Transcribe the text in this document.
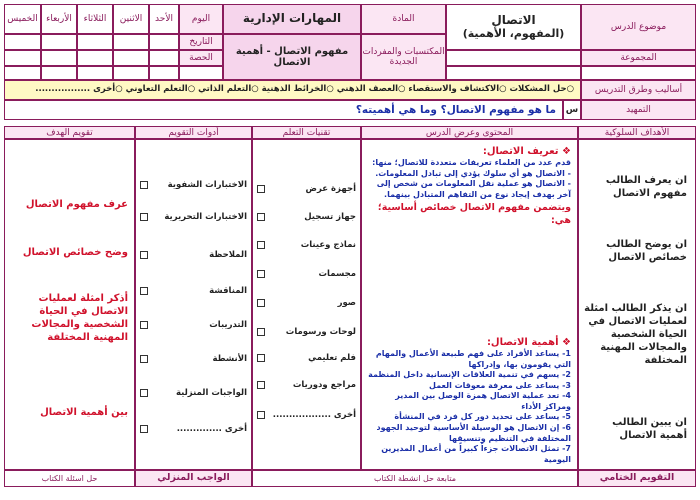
موضوع الدرس
الاتصال
(المفهوم، الأهمية)
المادة
المهارات الإدارية
اليوم
الأحد
الاثنين
الثلاثاء
الأربعاء
الخميس
المكتسبات والمفردات الجديدة
مفهوم الاتصال - أهمية الاتصال
التاريخ
المجموعة
الحصة
أساليب وطرق التدريس
○حل المشكلات ○الاكتشاف والاستقصاء ○العصف الذهني ○الخرائط الذهنية ○التعلم الذاتي ○التعلم التعاوني ○أخرى .................
التمهيد
س
ما هو مفهوم الاتصال؟ وما هي أهميته؟
الأهداف السلوكية
المحتوى وعرض الدرس
تقنيات التعلم
أدوات التقويم
تقويم الهدف
ان يعرف الطالب مفهوم الاتصال
ان يوضح الطالب خصائص الاتصال
ان يذكر الطالب امثلة لعمليات الاتصال في الحياة الشخصية والمجالات المهنية المختلفة
ان يبين الطالب أهمية الاتصال
❖ تعريف الاتصال:
قدم عدد من العلماء تعريفات متعددة للاتصال؛ منها:
- الاتصال هو أي سلوك يؤدي إلى تبادل المعلومات.
- الاتصال هو عملية نقل المعلومات من شخص إلى آخر بهدف إيجاد نوع من التفاهم المتبادل بينهما.
ويتضمن مفهوم الاتصال خصائص أساسية؛ هي:
❖ أهمية الاتصال:
1- يساعد الأفراد على فهم طبيعة الأعمال والمهام التي يقومون بها، وإدراكها
2- يسهم في تنمية العلاقات الإنسانية داخل المنظمة
3- يساعد على معرفة معوقات العمل
4- تعد عملية الاتصال همزة الوصل بين المدير ومراكز الأداء
5- يساعد على تحديد دور كل فرد في المنشأة
6- إن الاتصال هو الوسيلة الأساسية لتوحيد الجهود المختلفة في التنظيم وتنسيقها
7- تمثل الاتصالات جزءاً كبيراً من أعمال المديرين اليومية
أجهزة عرض
جهاز تسجيل
نماذج وعينات
مجسمات
صور
لوحات ورسومات
فلم تعليمي
مراجع ودوريات
أخرى ..................
الاختبارات الشفوية
الاختبارات التحريرية
الملاحظة
المناقشة
التدريبات
الأنشطة
الواجبات المنزلية
أخرى ..............
عرف مفهوم الاتصال
وضح خصائص الاتصال
أذكر امثلة لعمليات الاتصال في الحياة الشخصية والمجالات المهنية المختلفة
بين أهمية الاتصال
التقويم الختامي
متابعة حل انشطة الكتاب
الواجب المنزلي
حل اسئلة الكتاب
